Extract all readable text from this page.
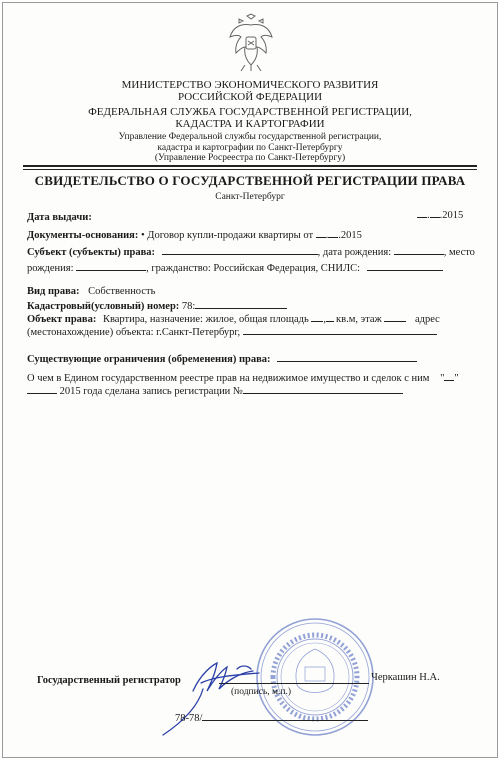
МИНИСТЕРСТВО ЭКОНОМИЧЕСКОГО РАЗВИТИЯ
РОССИЙСКОЙ ФЕДЕРАЦИИ
ФЕДЕРАЛЬНАЯ СЛУЖБА ГОСУДАРСТВЕННОЙ РЕГИСТРАЦИИ,
КАДАСТРА И КАРТОГРАФИИ
Управление Федеральной службы государственной регистрации,
кадастра и картографии по Санкт-Петербургу
(Управление Росреестра по Санкт-Петербургу)
СВИДЕТЕЛЬСТВО О ГОСУДАРСТВЕННОЙ РЕГИСТРАЦИИ ПРАВА
Санкт-Петербург
Дата выдачи:	. .2015
Документы-основания: • Договор купли-продажи квартиры от . .2015
Субъект (субъекты) права:	, дата рождения:	, место
рождения:	, гражданство: Российская Федерация, СНИЛС:
Вид права: Собственность
Кадастровый(условный) номер: 78:
Объект права: Квартира, назначение: жилое, общая площадь , кв.м, этаж	адрес
(местонахождение) объекта: г.Санкт-Петербург,
Существующие ограничения (обременения) права:
О чем в Едином государственном реестре прав на недвижимое имущество и сделок с ним " "
2015 года сделана запись регистрации №
Государственный регистратор
(подпись, м.п.)
Черкашин Н.А.
78-78/
